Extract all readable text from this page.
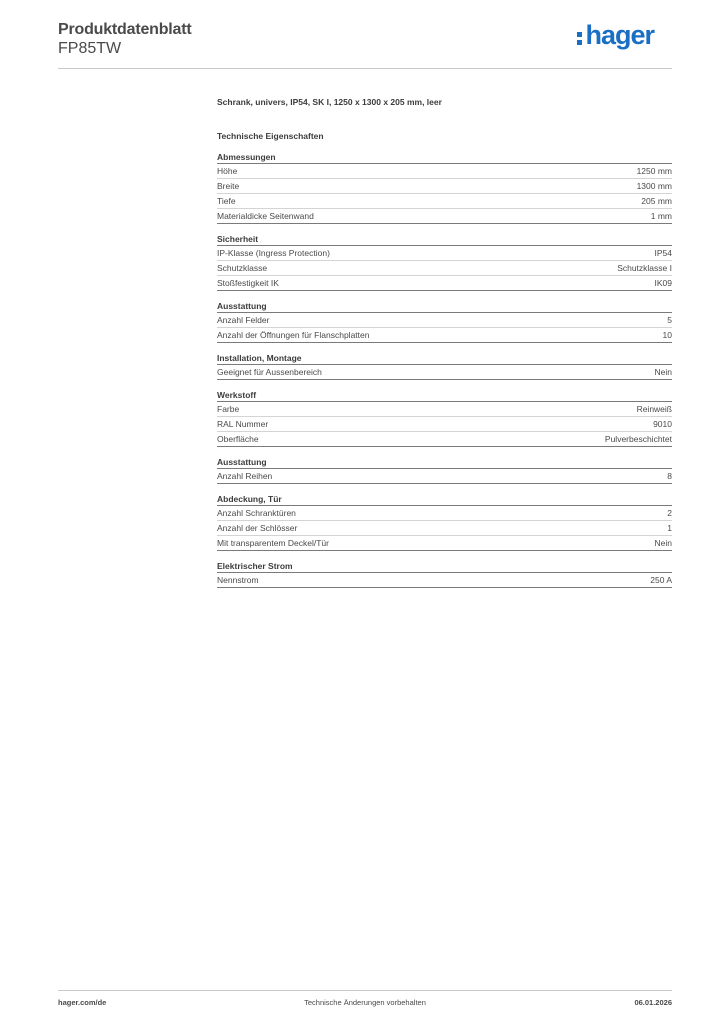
Produktdatenblatt
FP85TW	hager
Schrank, univers, IP54, SK I, 1250 x 1300 x 205 mm, leer
Technische Eigenschaften
Abmessungen
Höhe	1250 mm
Breite	1300 mm
Tiefe	205 mm
Materialdicke Seitenwand	1 mm
Sicherheit
IP-Klasse (Ingress Protection)	IP54
Schutzklasse	Schutzklasse I
Stoßfestigkeit IK	IK09
Ausstattung
Anzahl Felder	5
Anzahl der Öffnungen für Flanschplatten	10
Installation, Montage
Geeignet für Aussenbereich	Nein
Werkstoff
Farbe	Reinweiß
RAL Nummer	9010
Oberfläche	Pulverbeschichtet
Ausstattung
Anzahl Reihen	8
Abdeckung, Tür
Anzahl Schranktüren	2
Anzahl der Schlösser	1
Mit transparentem Deckel/Tür	Nein
Elektrischer Strom
Nennstrom	250 A
hager.com/de	Technische Änderungen vorbehalten	06.01.2026
